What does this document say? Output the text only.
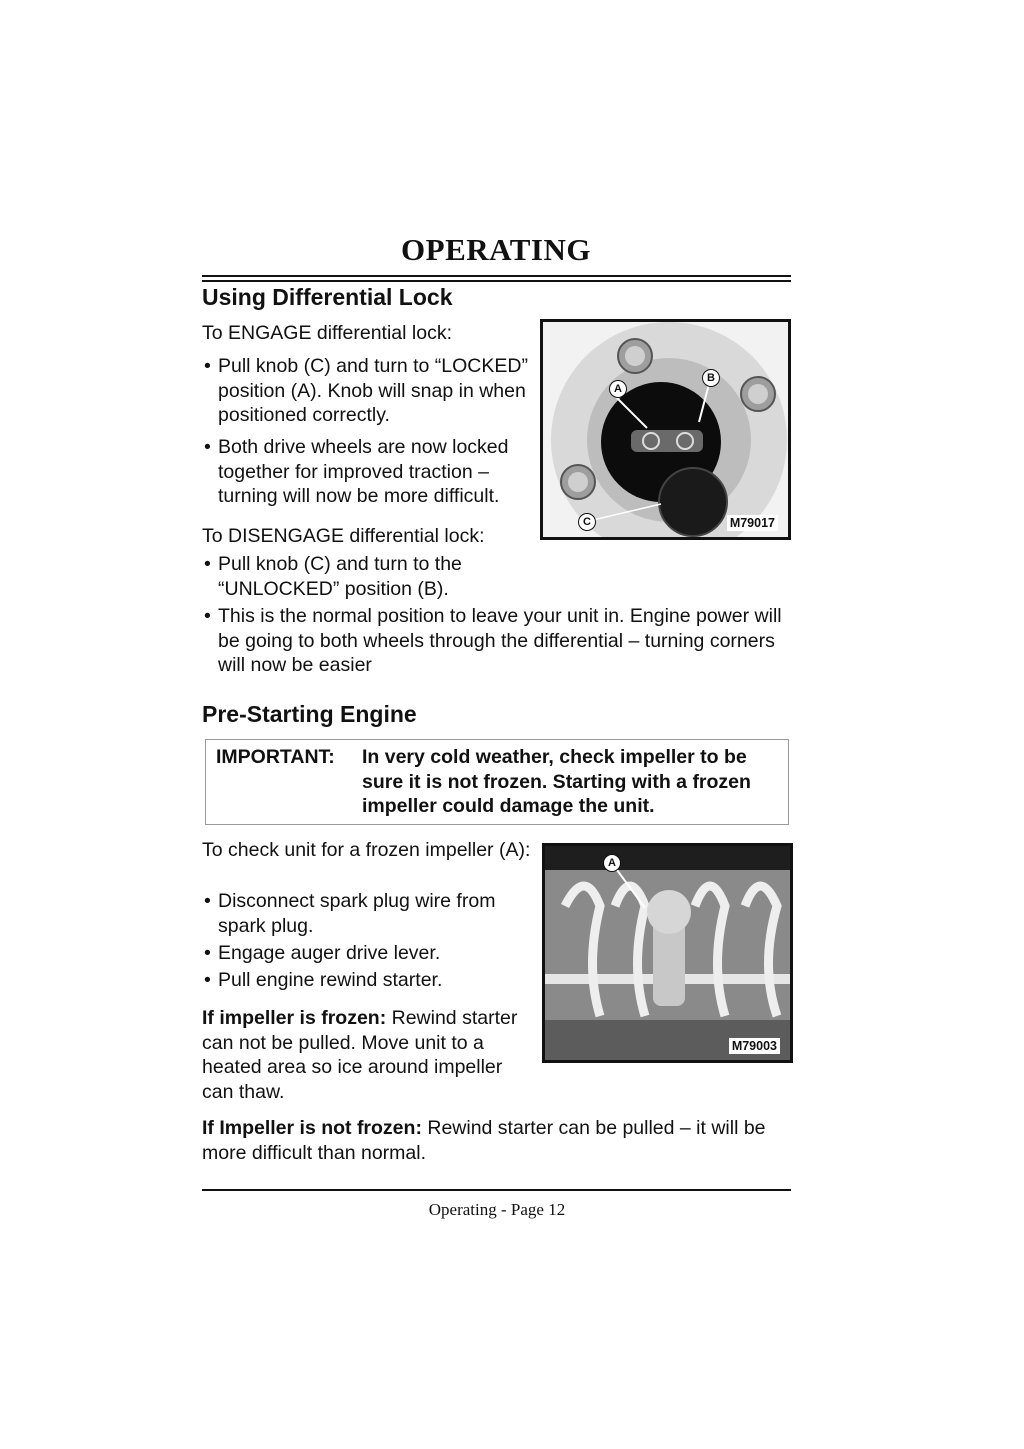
OPERATING
Using Differential Lock
To ENGAGE differential lock:
• Pull knob (C) and turn to “LOCKED” position (A). Knob will snap in when positioned correctly.
• Both drive wheels are now locked together for improved traction – turning will now be more difficult.
To DISENGAGE differential lock:
• Pull knob (C) and turn to the “UNLOCKED” position (B).
• This is the normal position to leave your unit in. Engine power will be going to both wheels through the differential – turning corners will now be easier
A
B
C	M79017
Pre-Starting Engine
IMPORTANT: In very cold weather, check impeller to be sure it is not frozen. Starting with a frozen impeller could damage the unit.
To check unit for a frozen impeller (A):
• Disconnect spark plug wire from spark plug.
• Engage auger drive lever.
• Pull engine rewind starter.
If impeller is frozen: Rewind starter can not be pulled. Move unit to a heated area so ice around impeller can thaw.
If Impeller is not frozen: Rewind starter can be pulled – it will be more difficult than normal.
A
M79003
Operating - Page 12
